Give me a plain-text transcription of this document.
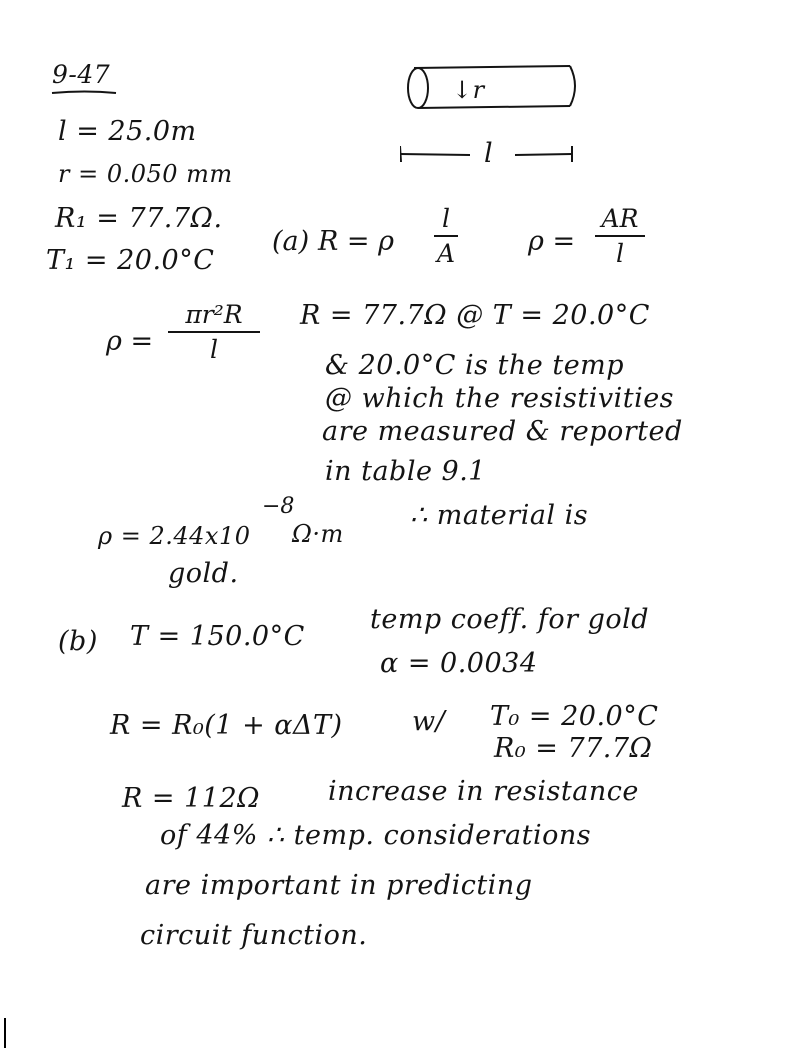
9-47
l = 25.0m
r = 0.050 mm
R₁ = 77.7Ω.
T₁ = 20.0°C
↓r
l
(a) R = ρ
l
A	ρ =
AR
l
ρ =
πr²R
l
R = 77.7Ω @ T = 20.0°C
& 20.0°C is the temp
@ which the resistivities
are measured & reported
in table 9.1
ρ = 2.44x10
−8
Ω·m
∴ material is
gold.
(b) T = 150.0°C
temp coeff. for gold
α = 0.0034
R = R₀(1 + αΔT)	w/ T₀ = 20.0°C
R₀ = 77.7Ω
R = 112Ω	increase in resistance
of 44% ∴ temp. considerations
are important in predicting
circuit function.
